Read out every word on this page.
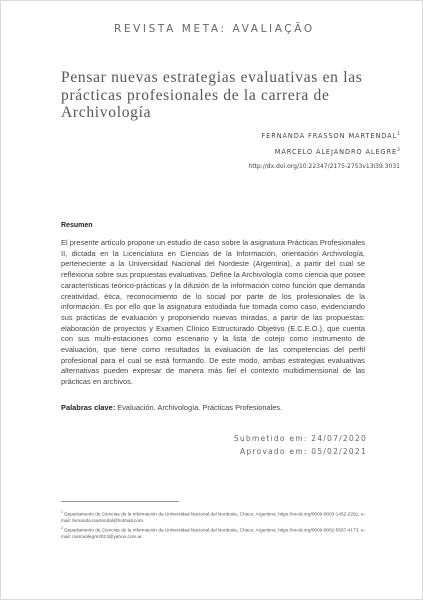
REVISTA META: AVALIAÇÃO
Pensar nuevas estrategias evaluativas en las prácticas profesionales de la carrera de Archivología
FERNANDA FRASSON MARTENDAL$^1$
MARCELO ALEJANDRO ALEGRE$^2$
http://dx.doi.org/10.22347/2175-2753v13i39.3031
Resumen

El presente artículo propone un estudio de caso sobre la asignatura Prácticas Profesionales II, dictada en la Licenciatura en Ciencias de la Información, orientación Archivología, perteneciente a la Universidad Nacional del Nordeste (Argentina), a partir del cual se reflexiona sobre sus propuestas evaluativas. Define la Archivología como ciencia que posee características teórico-prácticas y la difusión de la información como función que demanda creatividad, ética, reconocimiento de lo social por parte de los profesionales de la información. Es por ello que la asignatura estudiada fue tomada como caso, evidenciando sus prácticas de evaluación y proponiendo nuevas miradas, a partir de las propuestas: elaboración de proyectos y Examen Clínico Estructurado Objetivo (E.C.E.O.), que cuenta con sus multi-estaciones como escenario y la lista de cotejo como instrumento de evaluación, que tiene como resultados la evaluación de las competencias del perfil profesional para el cual se está formando. De este modo, ambas estrategias evaluativas alternativas pueden expresar de manera más fiel el contexto multidimensional de las prácticas en archivos.

Palabras clave: Evaluación. Archivología. Prácticas Profesionales.
Submetido em: 24/07/2020
Aprovado em: 05/02/2021

$^1$ Departamento de Ciencias de la Información da Universidad Nacional del Nordeste, Chaco, Argentina. https://orcid.org/0000-0003-1452-2291; e-mail: fernanda.martendal@hotmail.com.

$^2$ Departamento de Ciencias de la Información da Universidad Nacional del Nordeste, Chaco, Argentina. https://orcid.org/0000-0002-5587-4173; e-mail: marcealegre2013@yahoo.com.ar.
